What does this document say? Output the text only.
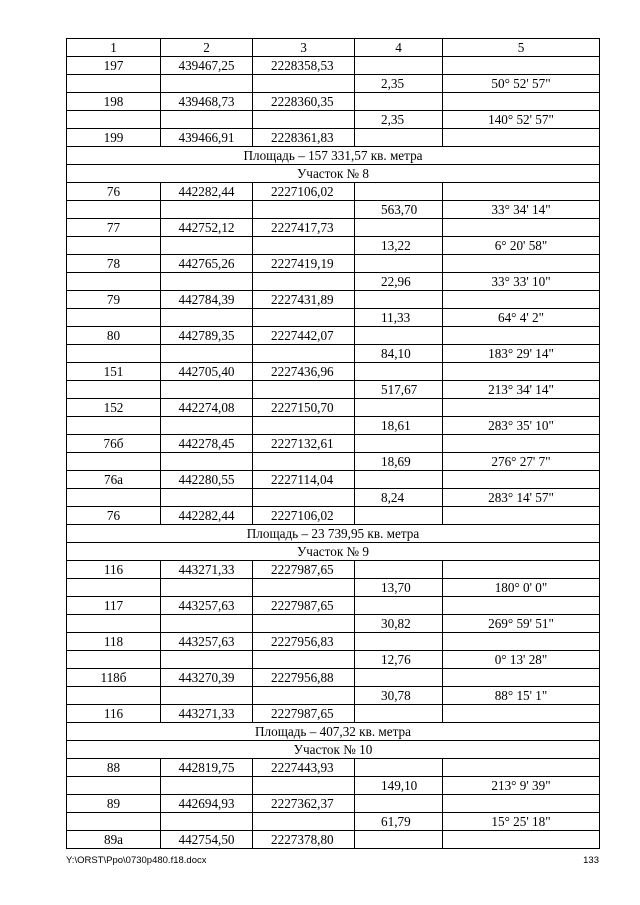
1	2	3	4	5
197	439467,25	2228358,53		
			2,35	50° 52' 57"
198	439468,73	2228360,35		
			2,35	140° 52' 57"
199	439466,91	2228361,83		
Площадь – 157 331,57 кв. метра				
Участок № 8				
76	442282,44	2227106,02		
			563,70	33° 34' 14"
77	442752,12	2227417,73		
			13,22	6° 20' 58"
78	442765,26	2227419,19		
			22,96	33° 33' 10"
79	442784,39	2227431,89		
			11,33	64° 4' 2"
80	442789,35	2227442,07		
			84,10	183° 29' 14"
151	442705,40	2227436,96		
			517,67	213° 34' 14"
152	442274,08	2227150,70		
			18,61	283° 35' 10"
76б	442278,45	2227132,61		
			18,69	276° 27' 7"
76а	442280,55	2227114,04		
			8,24	283° 14' 57"
76	442282,44	2227106,02		
Площадь – 23 739,95 кв. метра				
Участок № 9				
116	443271,33	2227987,65		
			13,70	180° 0' 0"
117	443257,63	2227987,65		
			30,82	269° 59' 51"
118	443257,63	2227956,83		
			12,76	0° 13' 28"
118б	443270,39	2227956,88		
			30,78	88° 15' 1"
116	443271,33	2227987,65		
Площадь – 407,32 кв. метра				
Участок № 10				
88	442819,75	2227443,93		
			149,10	213° 9' 39"
89	442694,93	2227362,37		
			61,79	15° 25' 18"
89а	442754,50	2227378,80		
Y:\ORST\Ppo\0730p480.f18.docx	133
